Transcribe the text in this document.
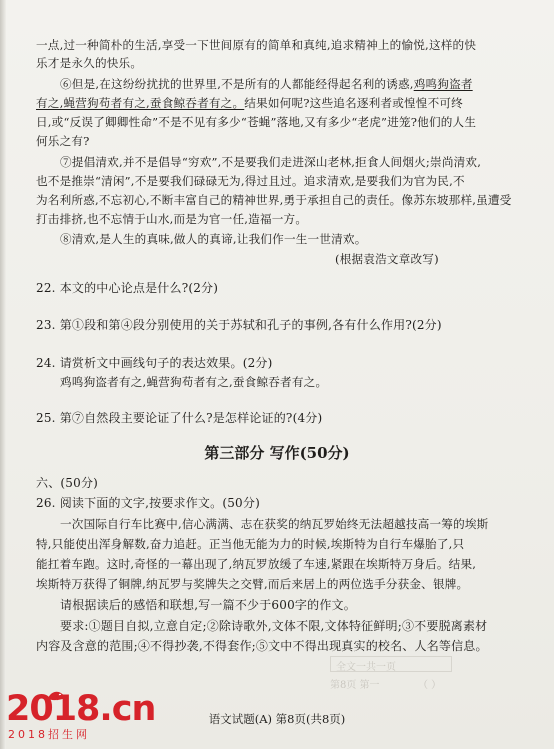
一点,过一种简朴的生活,享受一下世间原有的简单和真纯,追求精神上的愉悦,这样的快
乐才是永久的快乐。
⑥但是,在这纷纷扰扰的世界里,不是所有的人都能经得起名利的诱惑,鸡鸣狗盗者
有之,蝇营狗苟者有之,蚕食鲸吞者有之。结果如何呢?这些追名逐利者或惶惶不可终
日,或“反误了卿卿性命”不是不见有多少“苍蝇”落地,又有多少“老虎”进笼?他们的人生
何乐之有?
⑦提倡清欢,并不是倡导“穷欢”,不是要我们走进深山老林,拒食人间烟火;崇尚清欢,
也不是推崇“清闲”,不是要我们碌碌无为,得过且过。追求清欢,是要我们为官为民,不
为名利所惑,不忘初心,不断丰富自己的精神世界,勇于承担自己的责任。像苏东坡那样,虽遭受
打击排挤,也不忘情于山水,而是为官一任,造福一方。
⑧清欢,是人生的真味,做人的真谛,让我们作一生一世清欢。
(根据袁浩文章改写)
22. 本文的中心论点是什么?(2分)
23. 第①段和第④段分别使用的关于苏轼和孔子的事例,各有什么作用?(2分)
24. 请赏析文中画线句子的表达效果。(2分)
鸡鸣狗盗者有之,蝇营狗苟者有之,蚕食鲸吞者有之。
25. 第⑦自然段主要论证了什么?是怎样论证的?(4分)
第三部分 写作(50分)
六、(50分)
26. 阅读下面的文字,按要求作文。(50分)
一次国际自行车比赛中,信心满满、志在获奖的纳瓦罗始终无法超越技高一筹的埃斯
特,只能使出浑身解数,奋力追赶。正当他无能为力的时候,埃斯特为自行车爆胎了,只
能扛着车跑。这时,奇怪的一幕出现了,纳瓦罗放缓了车速,紧跟在埃斯特万身后。结果,
埃斯特万获得了铜牌,纳瓦罗与奖牌失之交臂,而后来居上的两位选手分获金、银牌。
请根据读后的感悟和联想,写一篇不少于600字的作文。
要求:①题目自拟,立意自定;②除诗歌外,文体不限,文体特征鲜明;③不要脱离素材
内容及含意的范围;④不得抄袭,不得套作;⑤文中不得出现真实的校名、人名等信息。
全文一共一页
第8页 第一	（ ）
语文试题(A) 第8页(共8页)
2018.cn
2018招生网
